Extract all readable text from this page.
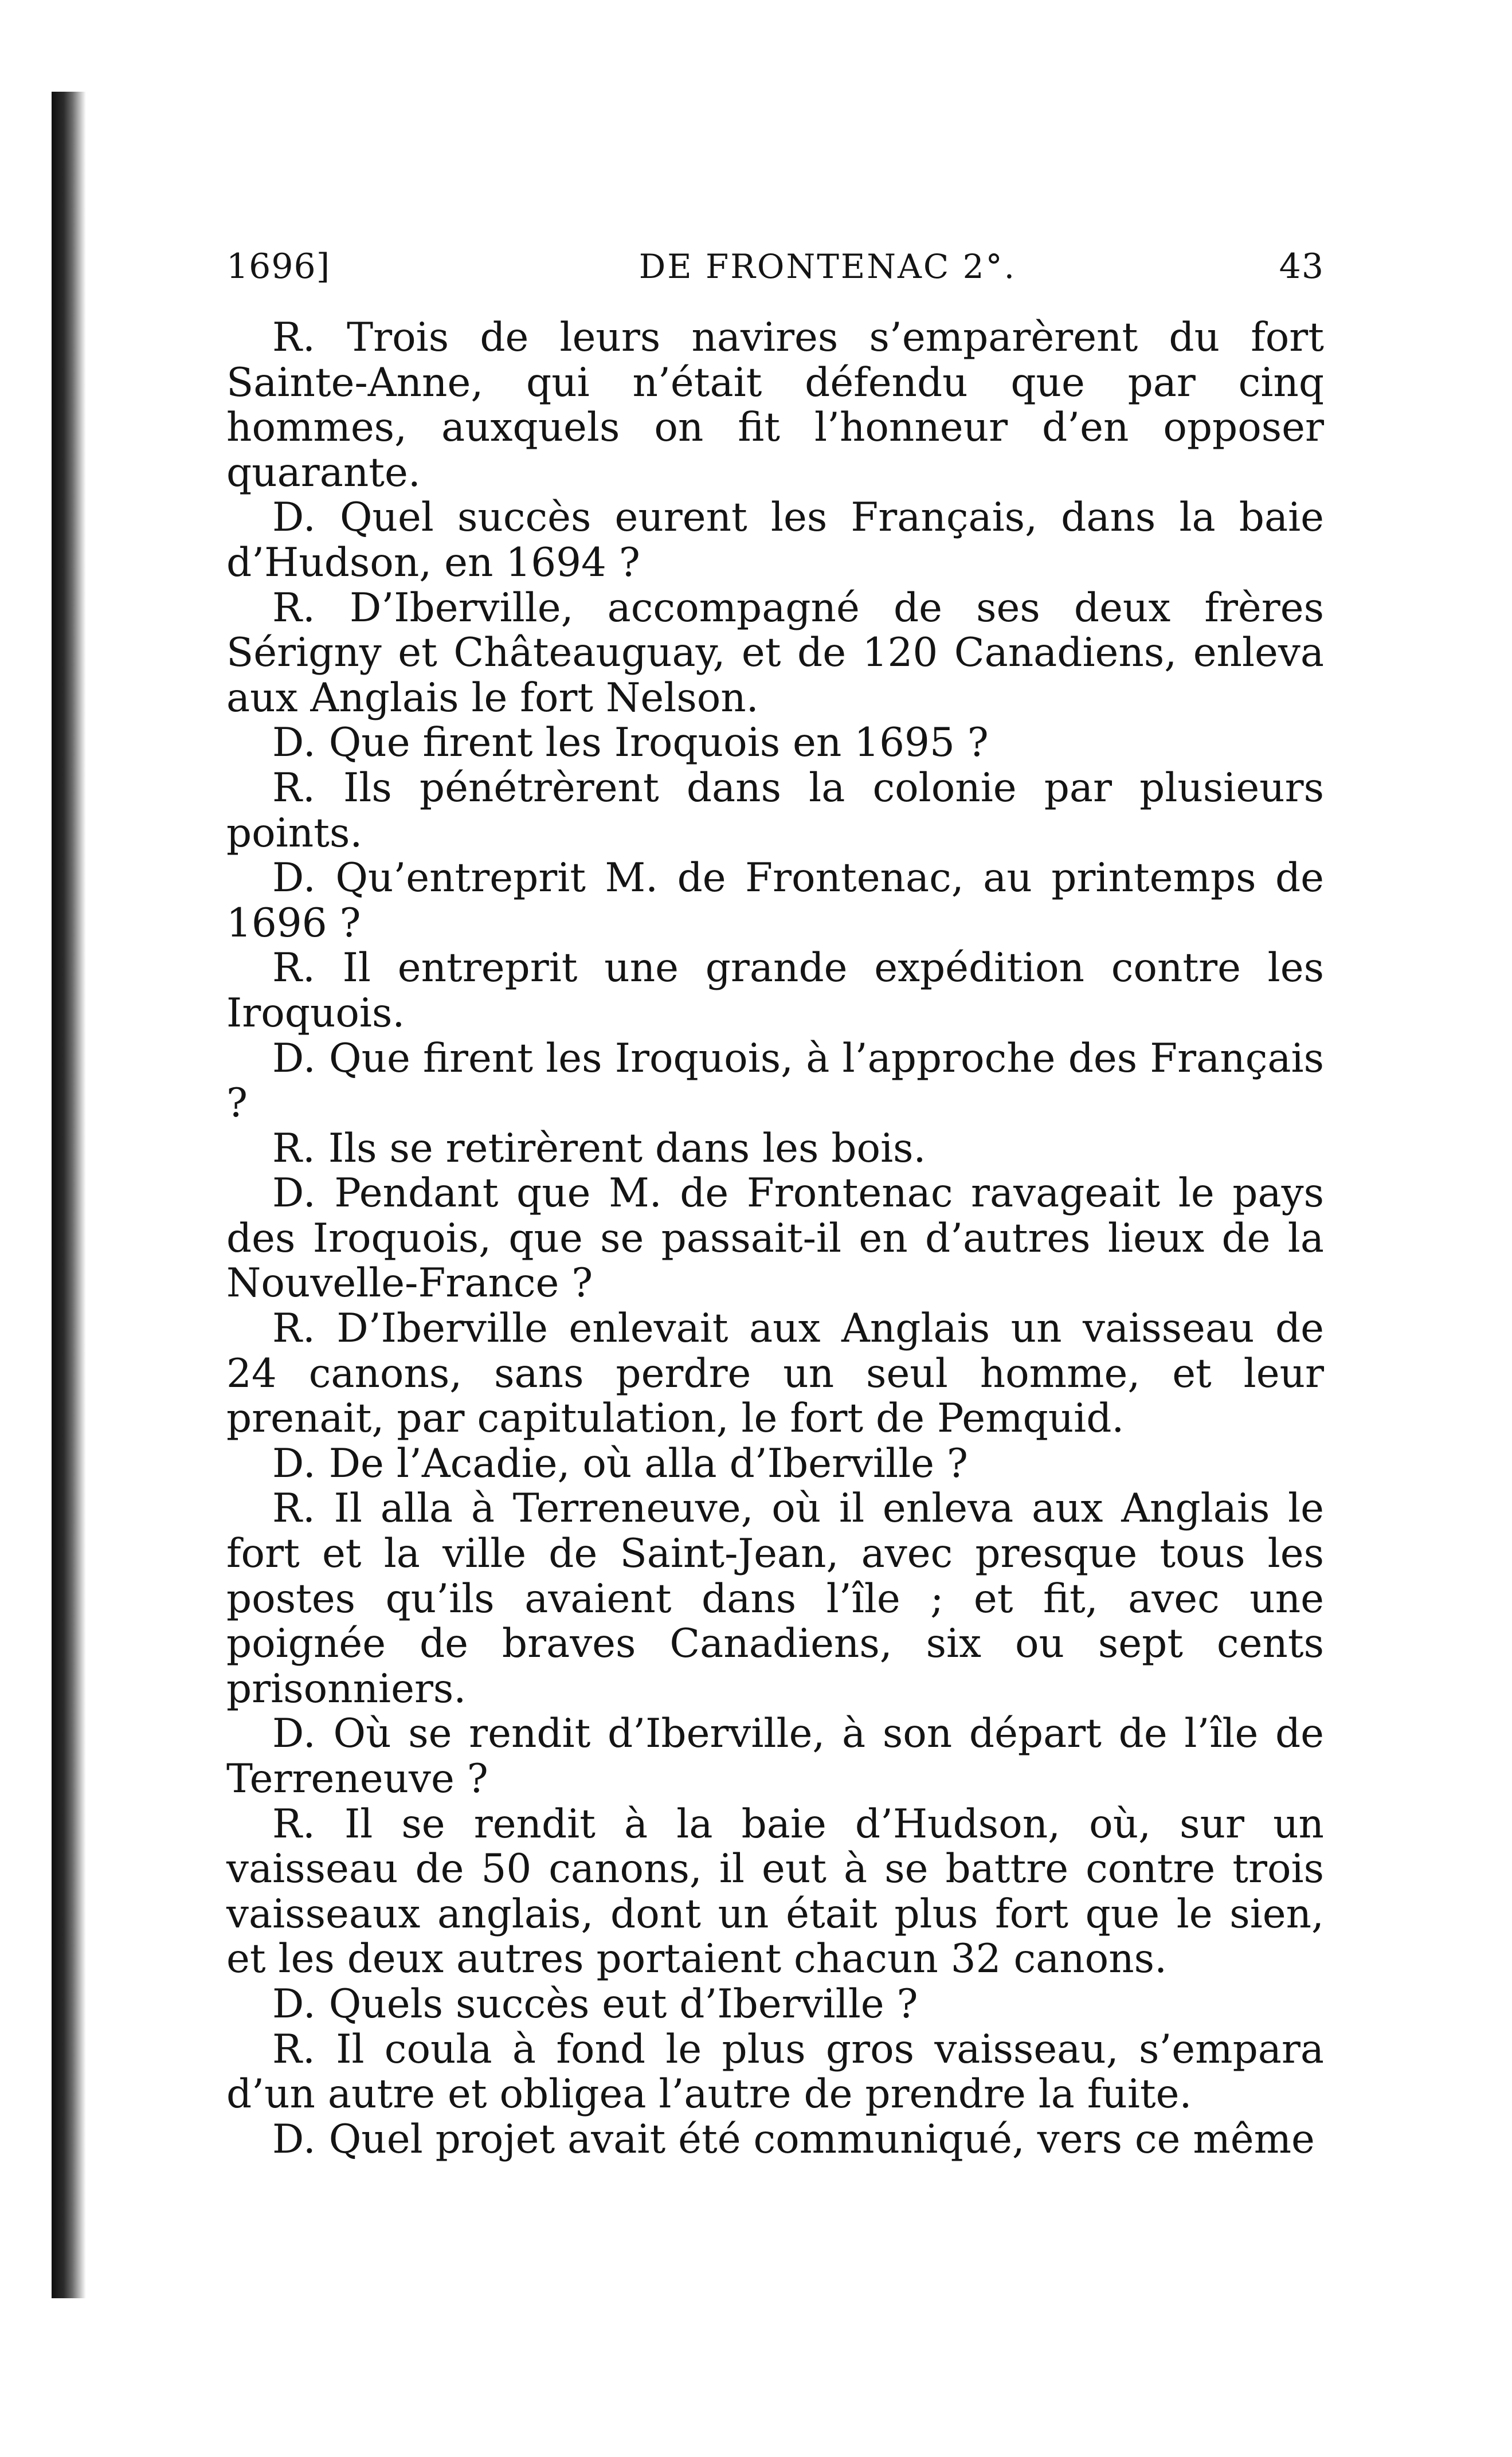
1696]	DE FRONTENAC 2°.	43

R. Trois de leurs navires s’emparèrent du fort Sainte-Anne, qui n’était défendu que par cinq hommes, auxquels on fit l’honneur d’en opposer quarante.

D. Quel succès eurent les Français, dans la baie d’Hudson, en 1694 ?

R. D’Iberville, accompagné de ses deux frères Sérigny et Châteauguay, et de 120 Canadiens, enleva aux Anglais le fort Nelson.

D. Que firent les Iroquois en 1695 ?

R. Ils pénétrèrent dans la colonie par plusieurs points.

D. Qu’entreprit M. de Frontenac, au printemps de 1696 ?

R. Il entreprit une grande expédition contre les Iroquois.

D. Que firent les Iroquois, à l’approche des Français ?

R. Ils se retirèrent dans les bois.

D. Pendant que M. de Frontenac ravageait le pays des Iroquois, que se passait-il en d’autres lieux de la Nouvelle-France ?

R. D’Iberville enlevait aux Anglais un vaisseau de 24 canons, sans perdre un seul homme, et leur prenait, par capitulation, le fort de Pemquid.

D. De l’Acadie, où alla d’Iberville ?

R. Il alla à Terreneuve, où il enleva aux Anglais le fort et la ville de Saint-Jean, avec presque tous les postes qu’ils avaient dans l’île ; et fit, avec une poignée de braves Canadiens, six ou sept cents prisonniers.

D. Où se rendit d’Iberville, à son départ de l’île de Terreneuve ?

R. Il se rendit à la baie d’Hudson, où, sur un vaisseau de 50 canons, il eut à se battre contre trois vaisseaux anglais, dont un était plus fort que le sien, et les deux autres portaient chacun 32 canons.

D. Quels succès eut d’Iberville ?

R. Il coula à fond le plus gros vaisseau, s’empara d’un autre et obligea l’autre de prendre la fuite.

D. Quel projet avait été communiqué, vers ce même
